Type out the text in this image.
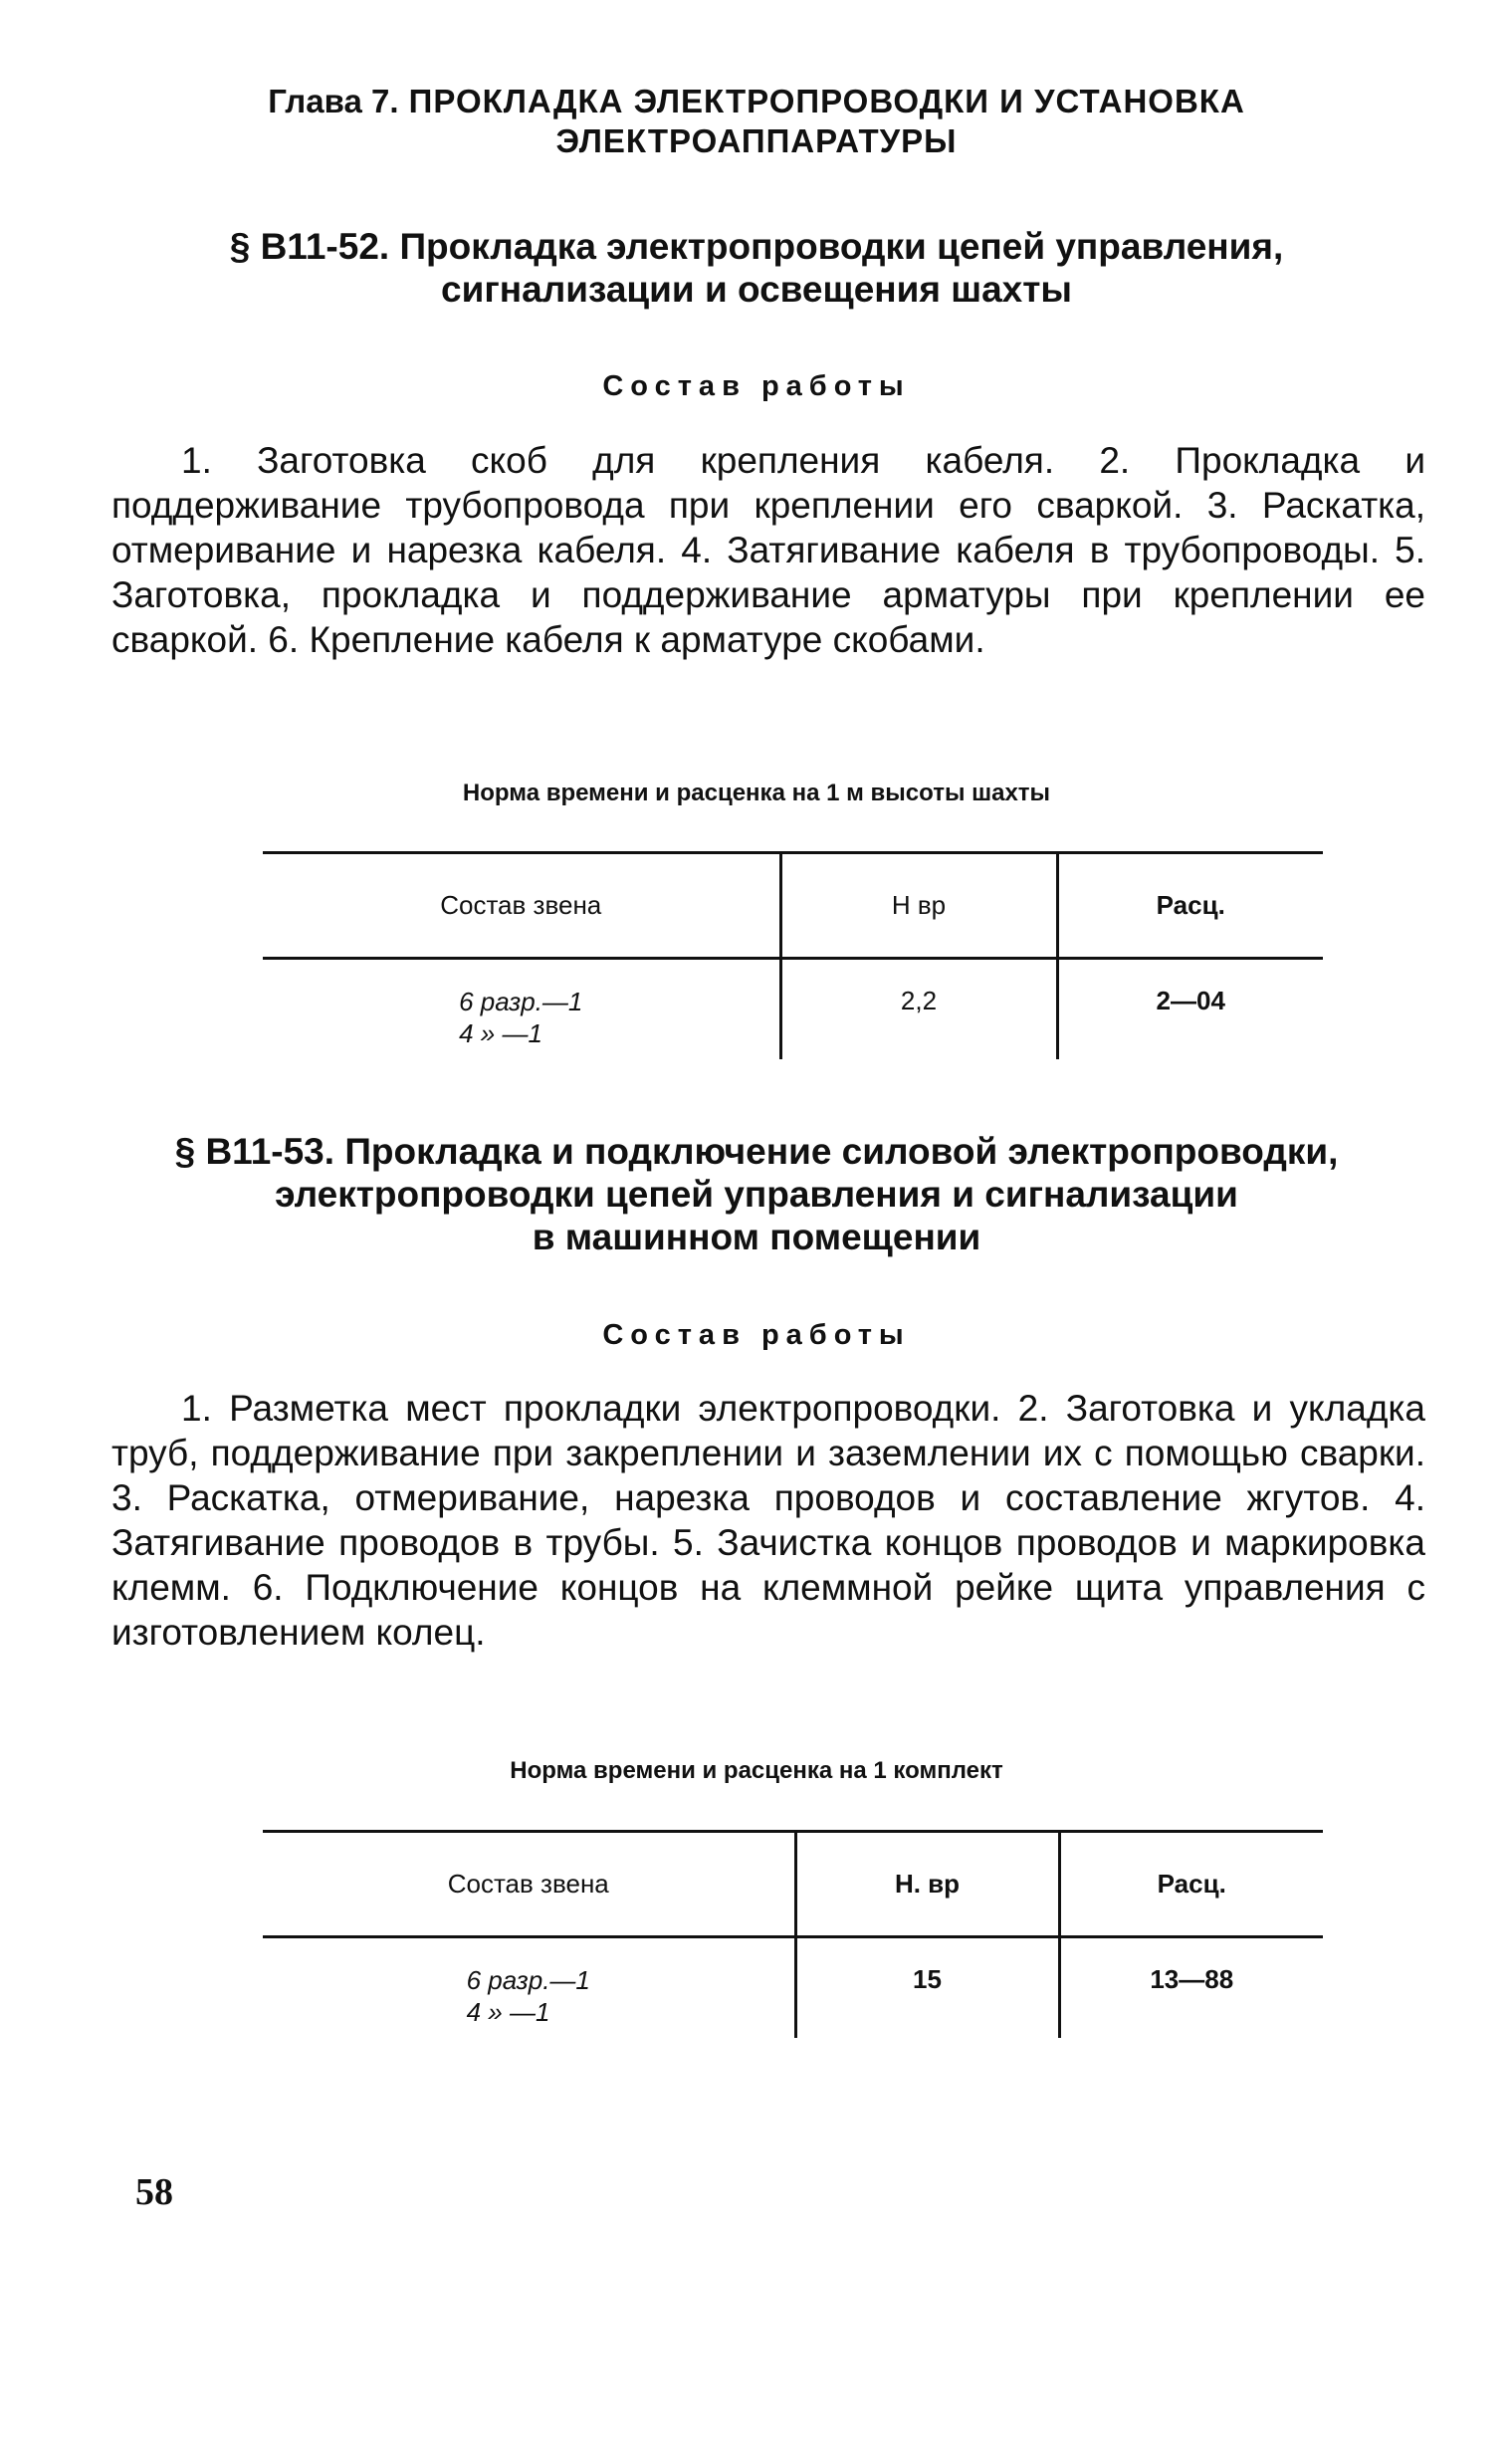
Глава 7. ПРОКЛАДКА ЭЛЕКТРОПРОВОДКИ И УСТАНОВКА
ЭЛЕКТРОАППАРАТУРЫ
§ В11-52. Прокладка электропроводки цепей управления,
сигнализации и освещения шахты
Состав работы

1. Заготовка скоб для крепления кабеля. 2. Прокладка и поддерживание трубопровода при креплении его сваркой. 3. Раскатка, отмеривание и нарезка кабеля. 4. Затягивание кабеля в трубопроводы. 5. Заготовка, прокладка и поддерживание арматуры при креплении ее сваркой. 6. Крепление кабеля к арматуре скобами.

Норма времени и расценка на 1 м высоты шахты
Состав звена	Н вр	Расц.

6 разр.—1
4 » —1	2,2	2—04
§ В11-53. Прокладка и подключение силовой электропроводки,
электропроводки цепей управления и сигнализации
в машинном помещении
Состав работы

1. Разметка мест прокладки электропроводки. 2. Заготовка и укладка труб, поддерживание при закреплении и заземлении их с помощью сварки. 3. Раскатка, отмеривание, нарезка проводов и составление жгутов. 4. Затягивание проводов в трубы. 5. Зачистка концов проводов и маркировка клемм. 6. Подключение концов на клеммной рейке щита управления с изготовлением колец.

Норма времени и расценка на 1 комплект
Состав звена	Н. вр	Расц.

6 разр.—1
4 » —1	15	13—88
58
